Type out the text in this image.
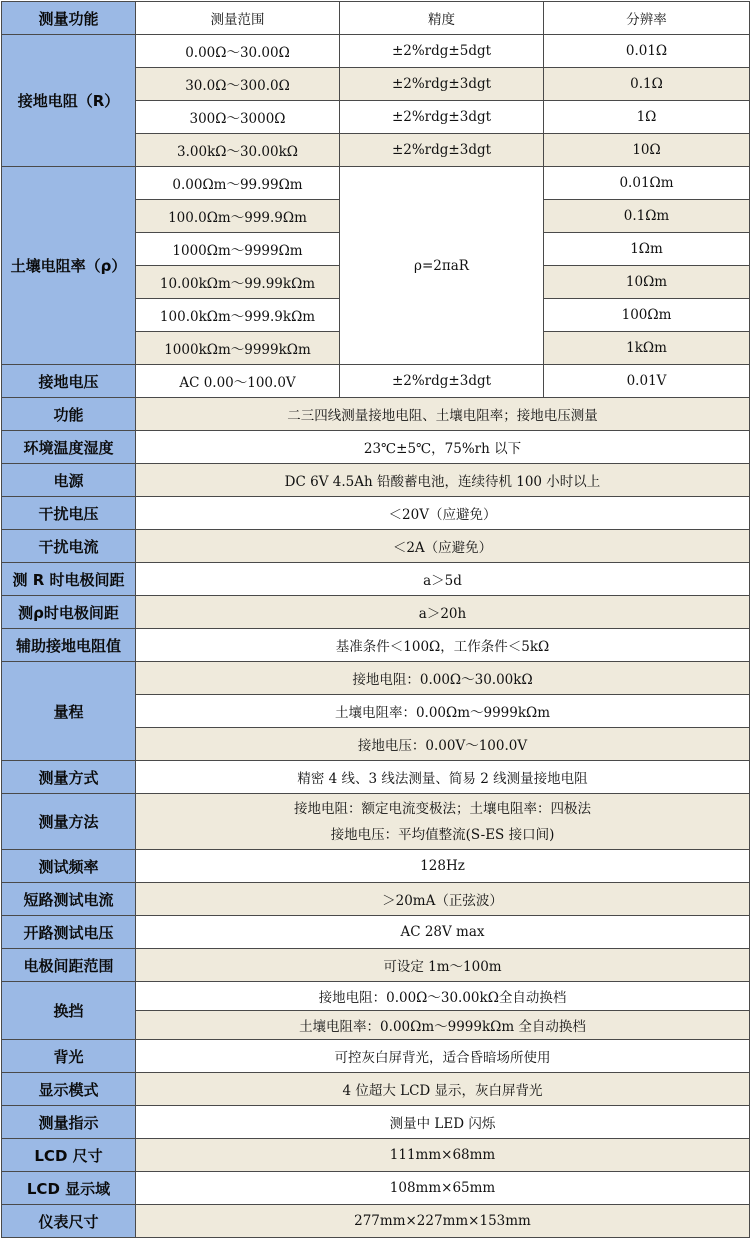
测量功能	测量范围	精度	分辨率
接地电阻（R）	0.00Ω～30.00Ω	±2%rdg±5dgt	0.01Ω
	30.0Ω～300.0Ω	±2%rdg±3dgt	0.1Ω
	300Ω～3000Ω	±2%rdg±3dgt	1Ω
	3.00kΩ～30.00kΩ	±2%rdg±3dgt	10Ω
土壤电阻率（ρ）	0.00Ωm～99.99Ωm	ρ=2πaR	0.01Ωm
	100.0Ωm～999.9Ωm		0.1Ωm
	1000Ωm～9999Ωm		1Ωm
	10.00kΩm～99.99kΩm		10Ωm
	100.0kΩm～999.9kΩm		100Ωm
	1000kΩm～9999kΩm		1kΩm
接地电压	AC 0.00～100.0V	±2%rdg±3dgt	0.01V
功能	二三四线测量接地电阻、土壤电阻率；接地电压测量		
环境温度湿度	23℃±5℃，75%rh 以下		
电源	DC 6V 4.5Ah 铅酸蓄电池，连续待机 100 小时以上		
干扰电压	＜20V（应避免）		
干扰电流	＜2A（应避免）		
测 R 时电极间距	a＞5d		
测ρ时电极间距	a＞20h		
辅助接地电阻值	基准条件＜100Ω，工作条件＜5kΩ		
量程	接地电阻：0.00Ω～30.00kΩ		
	土壤电阻率：0.00Ωm～9999kΩm		
	接地电压：0.00V～100.0V		
测量方式	精密 4 线、3 线法测量、简易 2 线测量接地电阻		
测量方法	接地电阻：额定电流变极法；土壤电阻率：四极法
接地电压：平均值整流(S-ES 接口间)		

测试频率	128Hz		
短路测试电流	＞20mA（正弦波）		
开路测试电压	AC 28V max		
电极间距范围	可设定 1m～100m		
换挡	接地电阻：0.00Ω～30.00kΩ全自动换档		
	土壤电阻率：0.00Ωm～9999kΩm 全自动换档		
背光	可控灰白屏背光，适合昏暗场所使用		
显示模式	4 位超大 LCD 显示，灰白屏背光		
测量指示	测量中 LED 闪烁		
LCD 尺寸	111mm×68mm		
LCD 显示域	108mm×65mm		
仪表尺寸	277mm×227mm×153mm		
